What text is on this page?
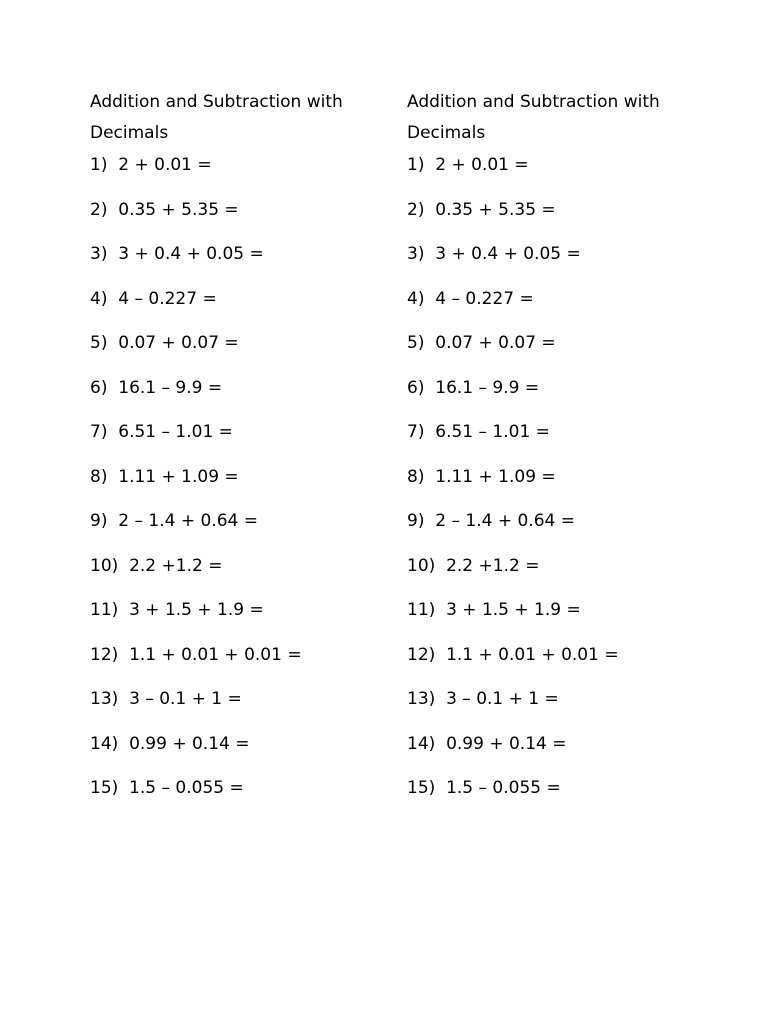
Addition and Subtraction with Decimals
1) 2 + 0.01 =
2) 0.35 + 5.35 =
3) 3 + 0.4 + 0.05 =
4) 4 – 0.227 =
5) 0.07 + 0.07 =
6) 16.1 – 9.9 =
7) 6.51 – 1.01 =
8) 1.11 + 1.09 =
9) 2 – 1.4 + 0.64 =
10) 2.2 +1.2 =
11) 3 + 1.5 + 1.9 =
12) 1.1 + 0.01 + 0.01 =
13) 3 – 0.1 + 1 =
14) 0.99 + 0.14 =
15) 1.5 – 0.055 =
Addition and Subtraction with Decimals
1) 2 + 0.01 =
2) 0.35 + 5.35 =
3) 3 + 0.4 + 0.05 =
4) 4 – 0.227 =
5) 0.07 + 0.07 =
6) 16.1 – 9.9 =
7) 6.51 – 1.01 =
8) 1.11 + 1.09 =
9) 2 – 1.4 + 0.64 =
10) 2.2 +1.2 =
11) 3 + 1.5 + 1.9 =
12) 1.1 + 0.01 + 0.01 =
13) 3 – 0.1 + 1 =
14) 0.99 + 0.14 =
15) 1.5 – 0.055 =
